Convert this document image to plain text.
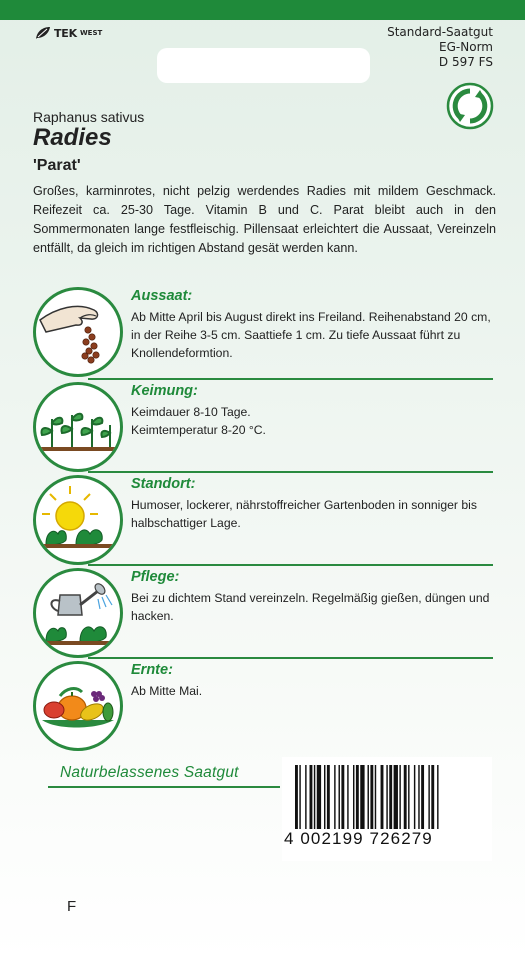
TEK WEST	Standard-Saatgut
EG-Norm
D 597 FS
Raphanus sativus
Radies
'Parat'
Großes, karminrotes, nicht pelzig werdendes Radies mit mildem Geschmack. Reifezeit ca. 25-30 Tage. Vitamin B und C. Parat bleibt auch in den Sommermonaten lange festfleischig. Pillensaat erleichtert die Aussaat, Vereinzeln entfällt, da gleich im richtigen Abstand gesät werden kann.
Aussaat:
Ab Mitte April bis August direkt ins Freiland. Reihenabstand 20 cm, in der Reihe 3-5 cm. Saattiefe 1 cm. Zu tiefe Aussaat führt zu Knollendeformtion.
Keimung:
Keimdauer 8-10 Tage.
Keimtemperatur 8-20 °C.
Standort:
Humoser, lockerer, nährstoffreicher Gartenboden in sonniger bis halbschattiger Lage.
Pflege:
Bei zu dichtem Stand vereinzeln. Regelmäßig gießen, düngen und hacken.
Ernte:
Ab Mitte Mai.
Naturbelassenes Saatgut
4 002199 726279
F
